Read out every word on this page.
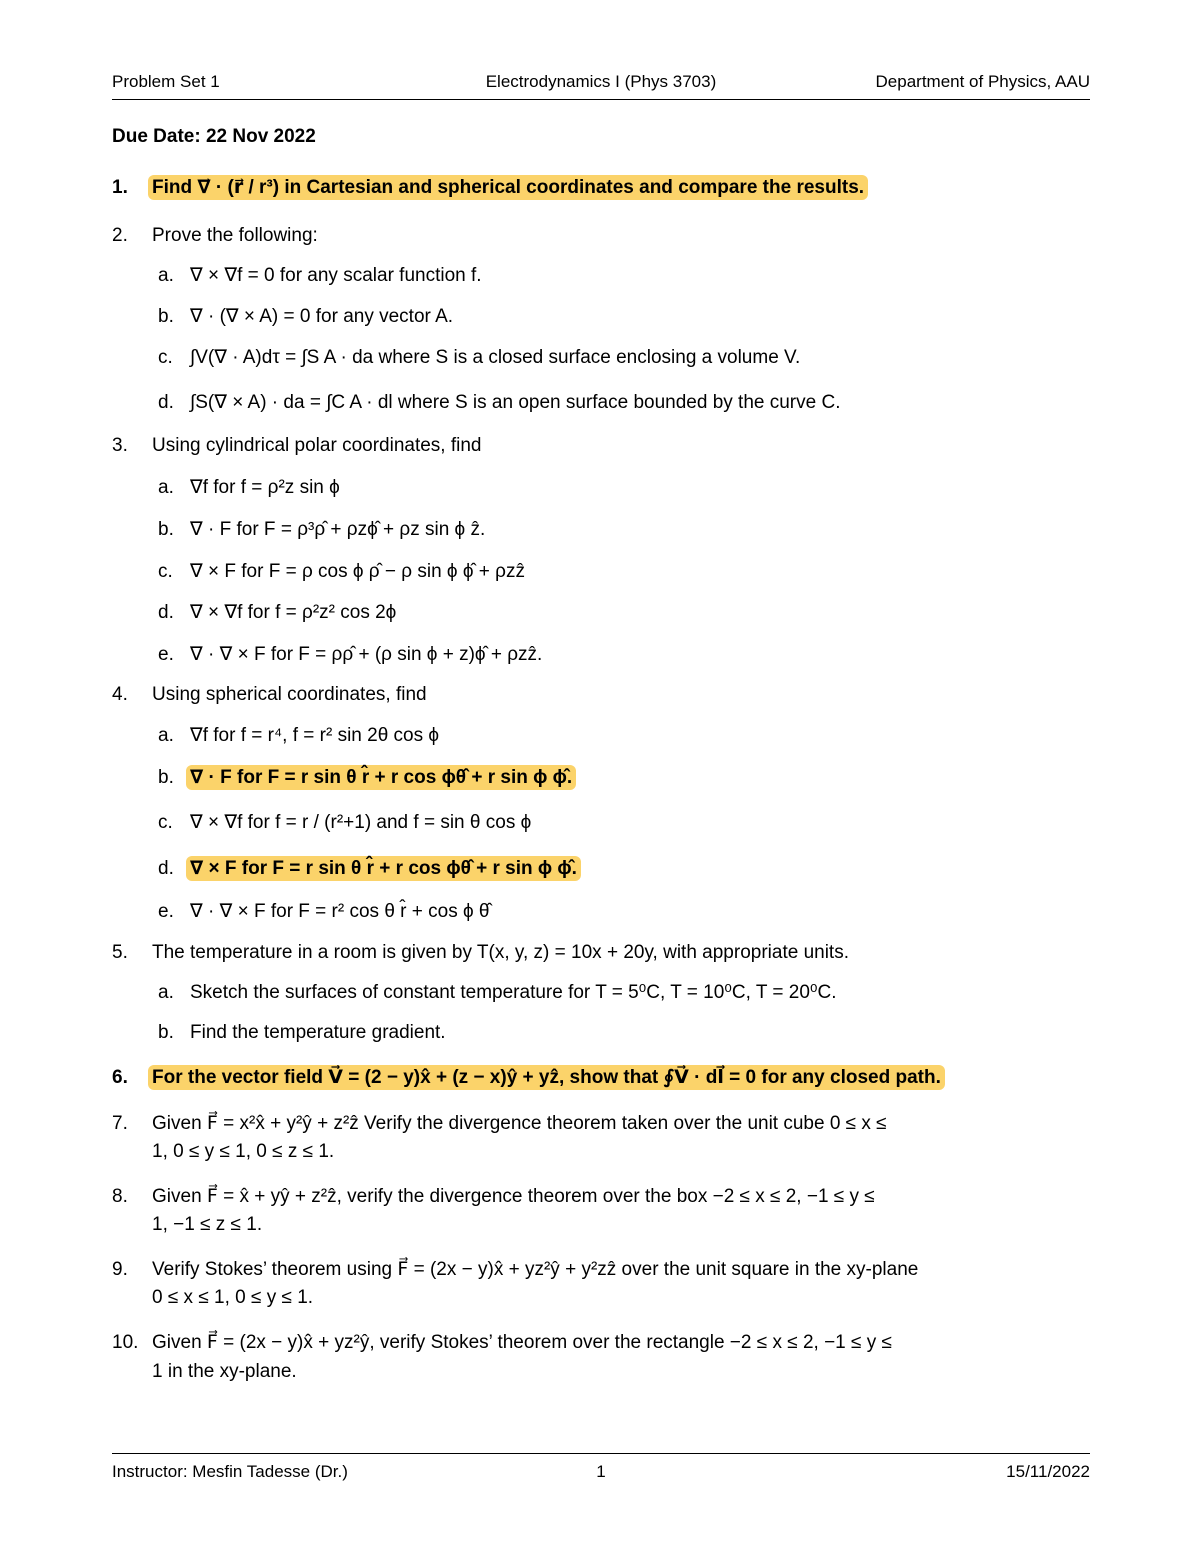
Problem Set 1	Electrodynamics I (Phys 3703)	Department of Physics, AAU
Due Date: 22 Nov 2022
1.	Find ∇⃗ · (r⃗ / r³) in Cartesian and spherical coordinates and compare the results.
2.	Prove the following:
a. ∇ × ∇f = 0 for any scalar function f.
b. ∇ · (∇ × A) = 0 for any vector A.
c. ∫V(∇ · A)dτ = ∫S A · da where S is a closed surface enclosing a volume V.
d. ∫S(∇ × A) · da = ∫C A · dl where S is an open surface bounded by the curve C.
3.	Using cylindrical polar coordinates, find
a. ∇f for f = ρ²z sin ϕ
b. ∇ · F for F = ρ³ρ̂ + ρzϕ̂ + ρz sin ϕ ẑ.
c. ∇ × F for F = ρ cos ϕ ρ̂ − ρ sin ϕ ϕ̂ + ρzẑ
d. ∇ × ∇f for f = ρ²z² cos 2ϕ
e. ∇ · ∇ × F for F = ρρ̂ + (ρ sin ϕ + z)ϕ̂ + ρzẑ.
4.	Using spherical coordinates, find
a. ∇f for f = r⁴, f = r² sin 2θ cos ϕ
b. ∇ · F for F = r sin θ r̂ + r cos ϕθ̂ + r sin ϕ ϕ̂.
c. ∇ × ∇f for f = r / (r²+1) and f = sin θ cos ϕ
d. ∇ × F for F = r sin θ r̂ + r cos ϕθ̂ + r sin ϕ ϕ̂.
e. ∇ · ∇ × F for F = r² cos θ r̂ + cos ϕ θ̂
5.	The temperature in a room is given by T(x, y, z) = 10x + 20y, with appropriate units.
a. Sketch the surfaces of constant temperature for T = 5⁰C, T = 10⁰C, T = 20⁰C.
b. Find the temperature gradient.
6.	For the vector field V⃗ = (2 − y)x̂ + (z − x)ŷ + yẑ, show that ∮V⃗ · dl⃗ = 0 for any closed path.
7.	Given F⃗ = x²x̂ + y²ŷ + z²ẑ Verify the divergence theorem taken over the unit cube 0 ≤ x ≤
1, 0 ≤ y ≤ 1, 0 ≤ z ≤ 1.
8.	Given F⃗ = x̂ + yŷ + z²ẑ, verify the divergence theorem over the box −2 ≤ x ≤ 2, −1 ≤ y ≤
1, −1 ≤ z ≤ 1.
9.	Verify Stokes’ theorem using F⃗ = (2x − y)x̂ + yz²ŷ + y²zẑ over the unit square in the xy-plane
0 ≤ x ≤ 1, 0 ≤ y ≤ 1.
10. Given F⃗ = (2x − y)x̂ + yz²ŷ, verify Stokes’ theorem over the rectangle −2 ≤ x ≤ 2, −1 ≤ y ≤
1 in the xy-plane.
Instructor: Mesfin Tadesse (Dr.)	1	15/11/2022
